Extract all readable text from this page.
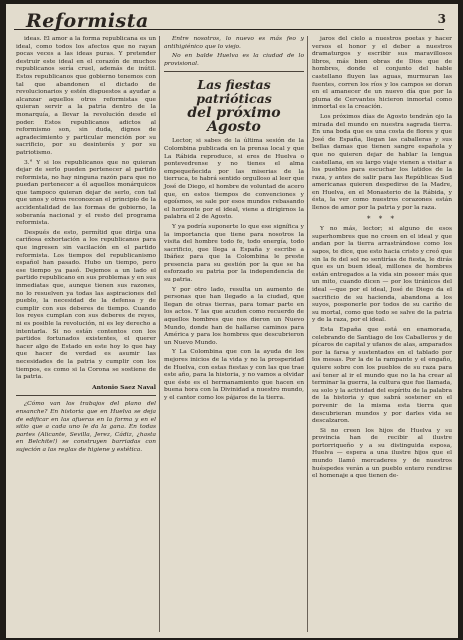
Reformista	3

ideas. El amor a la forma republicana es un ideal, como todos los afectos que no rayan pocas veces a las ideas puras. Y pretender destruir este ideal en el corazón de muchos republicanos sería cruel, además de inútil. Estos republicanos que gobierno tenemos con tal que abandonen el dictado de revolucionarios y estén dispuestos a ayudar a alcanzar aquellos otros reformistas que quieran servir a la patria dentro de la monarquía, a llevar la revolución desde el poder. Estos republicanos adictos al reformismo son, sin duda, dignos de agradecimiento y particular mención por su sacrificio, por su desinterés y por su patriotismo.

3.° Y si los republicanos que no quieran dejar de serlo pueden pertenecer al partido reformista, no hay ninguna razón para que no puedan pertenecer a él aquellos monárquicos que tampoco quieran dejar de serlo, con tal que unos y otros reconozcan el principio de la accidentalidad de las formas de gobierno, la soberanía nacional y el resto del programa reformista.

Después de esto, permítid que dirija una cariñosa exhortación a los republicanos para que ingresen sin vacilación en el partido reformista. Los tiempos del republicanismo español han pasado. Hubo un tiempo, pero ese tiempo ya pasó. Dejemos a un lado el partido republicano en sus problemas y en sus inmediatas que, aunque tienen sus razones, no lo resuelven ya todas las aspiraciones del pueblo, la necesidad de la defensa y de cumplir con sus deberes de tiempo. Cuando los reyes cumplan con sus deberes de reyes, ni es posible la revolución, ni es ley derecho a intentarla. Si no están contentos con los partidos fortunados existentes, el querer hacer algo de Estado en este hoy lo que hay que hacer de verdad es asumir las necesidades de la patria y cumplir con los tiempos, es como si la Corona se sostiene de la patria.

Antonio Saez Naval

¿Cómo van los trabajos del plano del ensanche? En historia que en Huelva se deja de edificar en las afueras en la forma y en el sitio que a cada uno le da la gana. En todas partes (Alicante, Sevilla, Jerez, Cádiz, ¿hasta en Belchite!) se construyen barriadas con sujeción a las reglas de higiene y estética.

Entre nosotros, lo nuevo es más feo y antihigiénico que lo viejo.

No en balde Huelva es la ciudad de lo provisional.

Las fiestas patrióticas
del próximo Agosto

Lector, si sabes de la última sesión de la Colombina publicada en la prensa local y que La Rábida reproduce, si eres de Huelva o pontevedrense y no tienes el alma empequeñecida por las miserias de la tierruca, te habrá sentido orgulloso al leer que José de Diego, el hombre de voluntad de acero que, en estos tiempos de convenciones y egoísmos, se sale por esos mundos rebasando el horizonte por el ideal, viene a dirigirnos la palabra el 2 de Agosto.

Y ya podría suponerte lo que ese signífica y la importancia que tiene para nosotros la visita del hombre todo fe, todo energía, todo sacrificio, que llega a España y escribe a Ibáñez para que la Colombina le preste presencia para su gestión por la que se ha esforzado su patria por la independencia de su patria.

Y por otro lado, resulta un aumento de personas que han llegado a la ciudad, que llegan de otras tierras, para tomar parte en los actos. Y las que acuden como recuerdo de aquellos hombres que nos dieron un Nuevo Mundo, donde han de hallarse caminos para América y para los hombres que descubrieron un Nuevo Mundo.

Y La Colombina que con la ayuda de los mejores inicios de la vida y no la prosperidad de Huelva, con estas fiestas y con las que trae este año, para la historia, y no vamos a olvidar que éste es el hermanamiento que hacen en buena hora con la Divinidad a nuestro mundo, y el cantor como los pájaros de la tierra.

jaros del cielo a nuestros poetas y hacer versos el honor y el deber a nuestros dramaturgos y escribir sus maravillosos libros, más bien obras de Dios que de hombres, donde el conjunto del hable castellano fluyen las aguas, murmuran las fuentes, corren los ríos y los campos se doran en el amanecer de un nuevo día que por la pluma de Cervantes hicieron inmortal como inmortal es la creación.

Los próximos días de Agosto tendrán ojo la mirada del mundo en nuestra sagrada tierra. En una boda que es una costa de flores y que José de España, llegan las caballeras y sus bellas damas que tienen sangre española y que no quieren dejar de hablar la lengua castellana, en su largo viaje vienen a visitar a los pueblos para escuchar los latidos de la raza, y antes de salir para las Repúblicas Sud americanas quieren despedirse de la Madre, en Huelva, en el Monasterio de la Rábida, y ésta, la ver como nuestros corazones están llenos de amor por la patria y por la raza.

* * *

Y no más, lector; si alguno de esos superhombres que no creen en el ideal y que andan por la tierra arrastrándose como los sapos, te dice, que esto hacia cristo y creó que sin la fe del sol no sentirías de fiesta, le dirás que es un buen ideal, millones de hombres están entregados a la vida sin poseer más que un mito, cuando dicen — por los tiránicos del ideal —que por el ideal, José de Diego da el sacrificio de su hacienda, abandona a los suyos, posponerle por todos de su cariño de su mortal, como que todo se salve de la patria y de la raza, por el ideal.

Esta España que está en enamorada, celebrando de Santiago de los Caballeros y de pícaros de capital y ufanos de alas, amparados por la farsa y sustentados en el tablado por los mesas. Por la de la rampante y el engaño, quiere sobre con los pueblos de su raza para así tener al ir el mundo que no la ha crear al terminar la guerra, la cultura que fue llamada, su solo y la actividad del espíritu de la palabra de la historia y que sabrá sostener en el porvenir de la misma esta tierra que descubrieran mundos y por darles vida se descalzaron.

Si no creen los hijos de Huelva y su provincia han de recibir al ilustre portorriqueño y a su distinguida esposa, Huelva — espera a una ilustre hijos que el mundo llamó mercaderes y de nuestros huéspedes verán a un pueblo entero rendirse el homenaje a que tienen de-
